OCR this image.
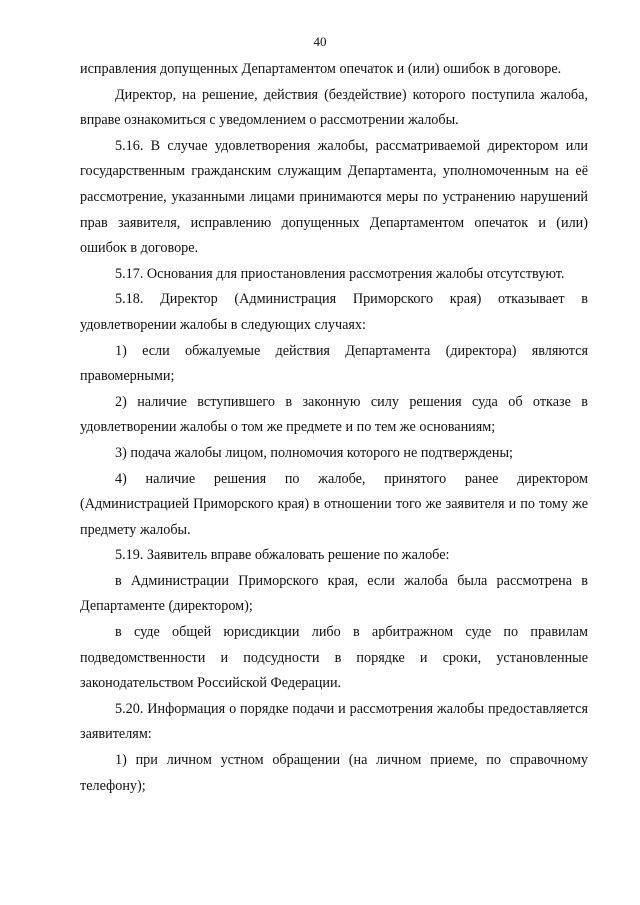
40

исправления допущенных Департаментом опечаток и (или) ошибок в договоре.

Директор, на решение, действия (бездействие) которого поступила жалоба, вправе ознакомиться с уведомлением о рассмотрении жалобы.

5.16. В случае удовлетворения жалобы, рассматриваемой директором или государственным гражданским служащим Департамента, уполномоченным на её рассмотрение, указанными лицами принимаются меры по устранению нарушений прав заявителя, исправлению допущенных Департаментом опечаток и (или) ошибок в договоре.

5.17. Основания для приостановления рассмотрения жалобы отсутствуют.

5.18. Директор (Администрация Приморского края) отказывает в удовлетворении жалобы в следующих случаях:

1) если обжалуемые действия Департамента (директора) являются правомерными;

2) наличие вступившего в законную силу решения суда об отказе в удовлетворении жалобы о том же предмете и по тем же основаниям;

3) подача жалобы лицом, полномочия которого не подтверждены;

4) наличие решения по жалобе, принятого ранее директором (Администрацией Приморского края) в отношении того же заявителя и по тому же предмету жалобы.

5.19. Заявитель вправе обжаловать решение по жалобе:

в Администрации Приморского края, если жалоба была рассмотрена в Департаменте (директором);

в суде общей юрисдикции либо в арбитражном суде по правилам подведомственности и подсудности в порядке и сроки, установленные законодательством Российской Федерации.

5.20. Информация о порядке подачи и рассмотрения жалобы предоставляется заявителям:

1) при личном устном обращении (на личном приеме, по справочному телефону);
